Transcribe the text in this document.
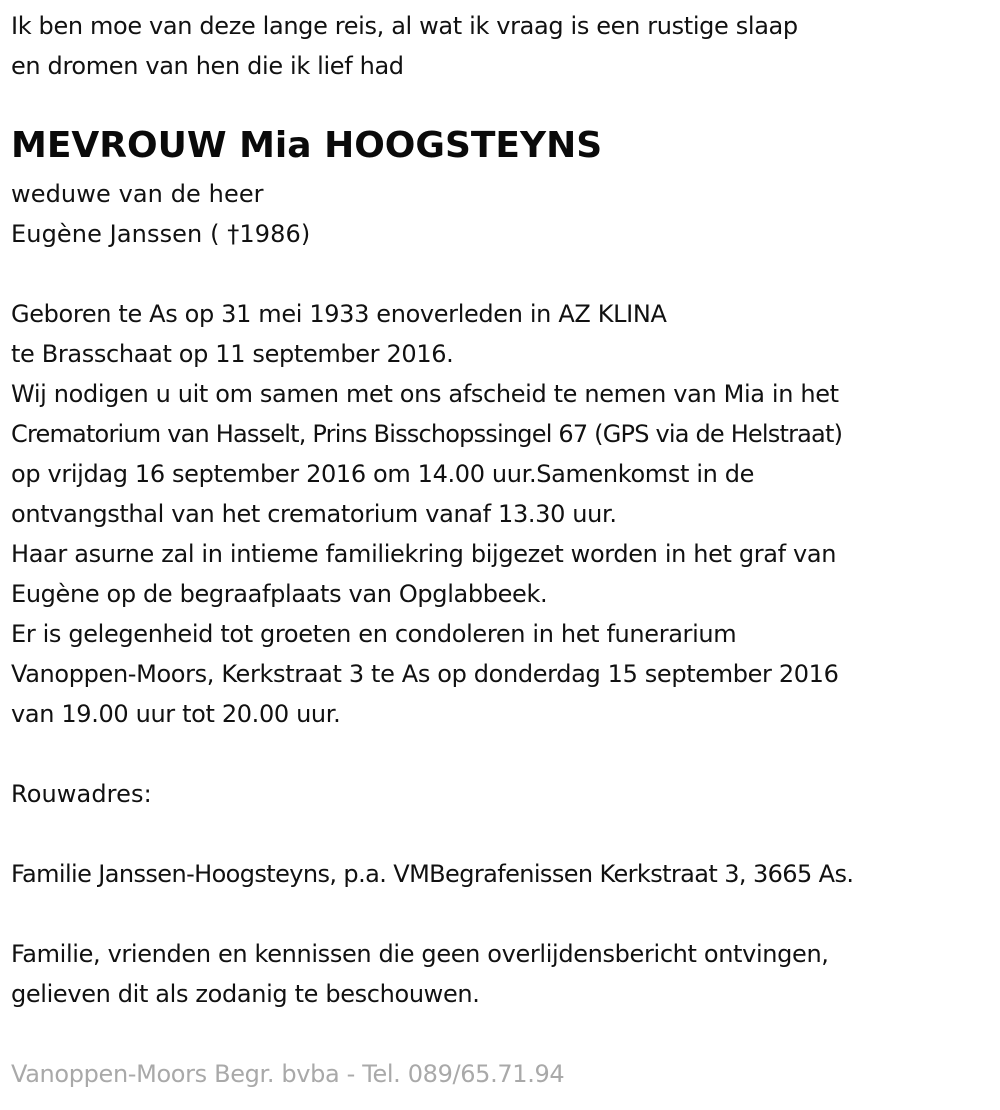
Ik ben moe van deze lange reis, al wat ik vraag is een rustige slaap
en dromen van hen die ik lief had
MEVROUW Mia HOOGSTEYNS
weduwe van de heer
Eugène Janssen ( †1986)
Geboren te As op 31 mei 1933 enoverleden in AZ KLINA
te Brasschaat op 11 september 2016.
Wij nodigen u uit om samen met ons afscheid te nemen van Mia in het
Crematorium van Hasselt, Prins Bisschopssingel 67 (GPS via de Helstraat)
op vrijdag 16 september 2016 om 14.00 uur.Samenkomst in de
ontvangsthal van het crematorium vanaf 13.30 uur.
Haar asurne zal in intieme familiekring bijgezet worden in het graf van
Eugène op de begraafplaats van Opglabbeek.
Er is gelegenheid tot groeten en condoleren in het funerarium
Vanoppen-Moors, Kerkstraat 3 te As op donderdag 15 september 2016
van 19.00 uur tot 20.00 uur.
Rouwadres:
Familie Janssen-Hoogsteyns, p.a. VMBegrafenissen Kerkstraat 3, 3665 As.
Familie, vrienden en kennissen die geen overlijdensbericht ontvingen,
gelieven dit als zodanig te beschouwen.
Vanoppen-Moors Begr. bvba - Tel. 089/65.71.94
